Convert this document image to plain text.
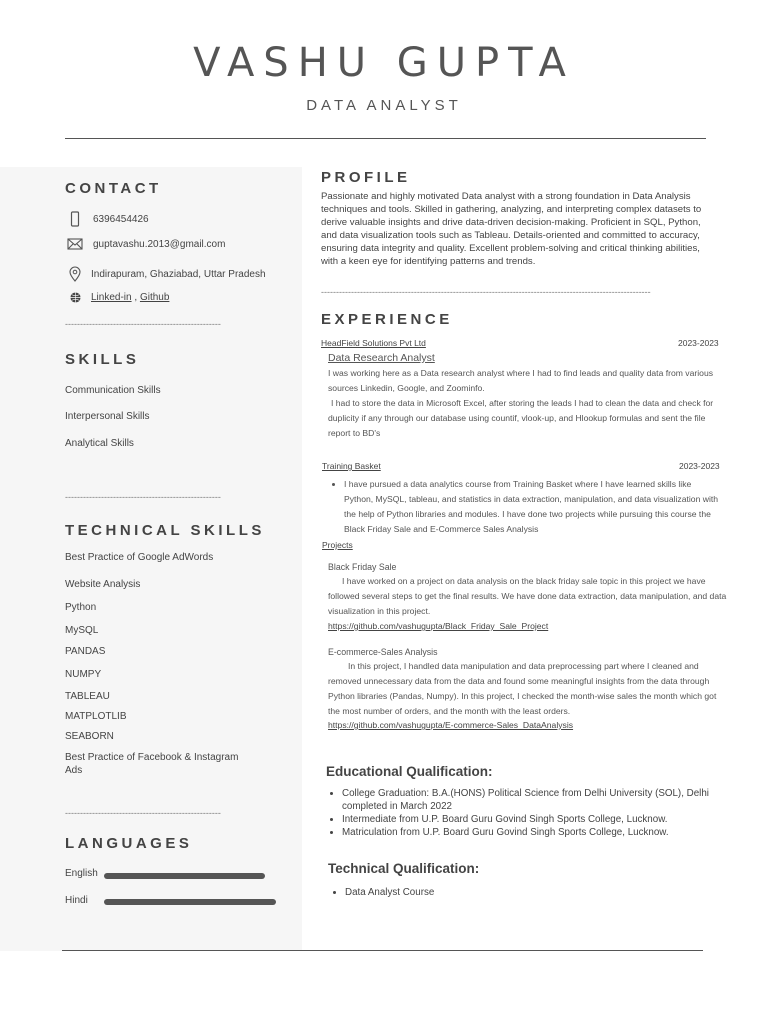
VASHU GUPTA
DATA ANALYST
CONTACT
6396454426
guptavashu.2013@gmail.com
Indirapuram, Ghaziabad, Uttar Pradesh
Linked-in , Github
----------------------------------------------------
SKILLS
Communication Skills
Interpersonal Skills
Analytical Skills
----------------------------------------------------
TECHNICAL SKILLS
Best Practice of Google AdWords
Website Analysis
Python
MySQL
PANDAS
NUMPY
TABLEAU
MATPLOTLIB
SEABORN
Best Practice of Facebook & Instagram Ads
----------------------------------------------------
LANGUAGES
English
Hindi
PROFILE
Passionate and highly motivated Data analyst with a strong foundation in Data Analysis techniques and tools. Skilled in gathering, analyzing, and interpreting complex datasets to derive valuable insights and drive data-driven decision-making. Proficient in SQL, Python, and data visualization tools such as Tableau. Details-oriented and committed to accuracy, ensuring data integrity and quality. Excellent problem-solving and critical thinking abilities, with a keen eye for identifying patterns and trends.
--------------------------------------------------------------------------------------------------------------
EXPERIENCE
HeadField Solutions Pvt Ltd	2023-2023
Data Research Analyst
I was working here as a Data research analyst where I had to find leads and quality data from various sources Linkedin, Google, and Zoominfo.
I had to store the data in Microsoft Excel, after storing the leads I had to clean the data and check for duplicity if any through our database using countif, vlook-up, and Hlookup formulas and sent the file report to BD's
Training Basket	2023-2023
• I have pursued a data analytics course from Training Basket where I have learned skills like Python, MySQL, tableau, and statistics in data extraction, manipulation, and data visualization with the help of Python libraries and modules. I have done two projects while pursuing this course the Black Friday Sale and E-Commerce Sales Analysis
Projects
Black Friday Sale
I have worked on a project on data analysis on the black friday sale topic in this project we have followed several steps to get the final results. We have done data extraction, data manipulation, and data visualization in this project.
https://github.com/vashugupta/Black_Friday_Sale_Project
E-commerce-Sales Analysis
In this project, I handled data manipulation and data preprocessing part where I cleaned and removed unnecessary data from the data and found some meaningful insights from the data through Python libraries (Pandas, Numpy). In this project, I checked the month-wise sales the month which got the most number of orders, and the month with the least orders.
https://github.com/vashugupta/E-commerce-Sales_DataAnalysis
Educational Qualification:
• College Graduation: B.A.(HONS) Political Science from Delhi University (SOL), Delhi completed in March 2022
• Intermediate from U.P. Board Guru Govind Singh Sports College, Lucknow.
• Matriculation from U.P. Board Guru Govind Singh Sports College, Lucknow.
Technical Qualification:
• Data Analyst Course
